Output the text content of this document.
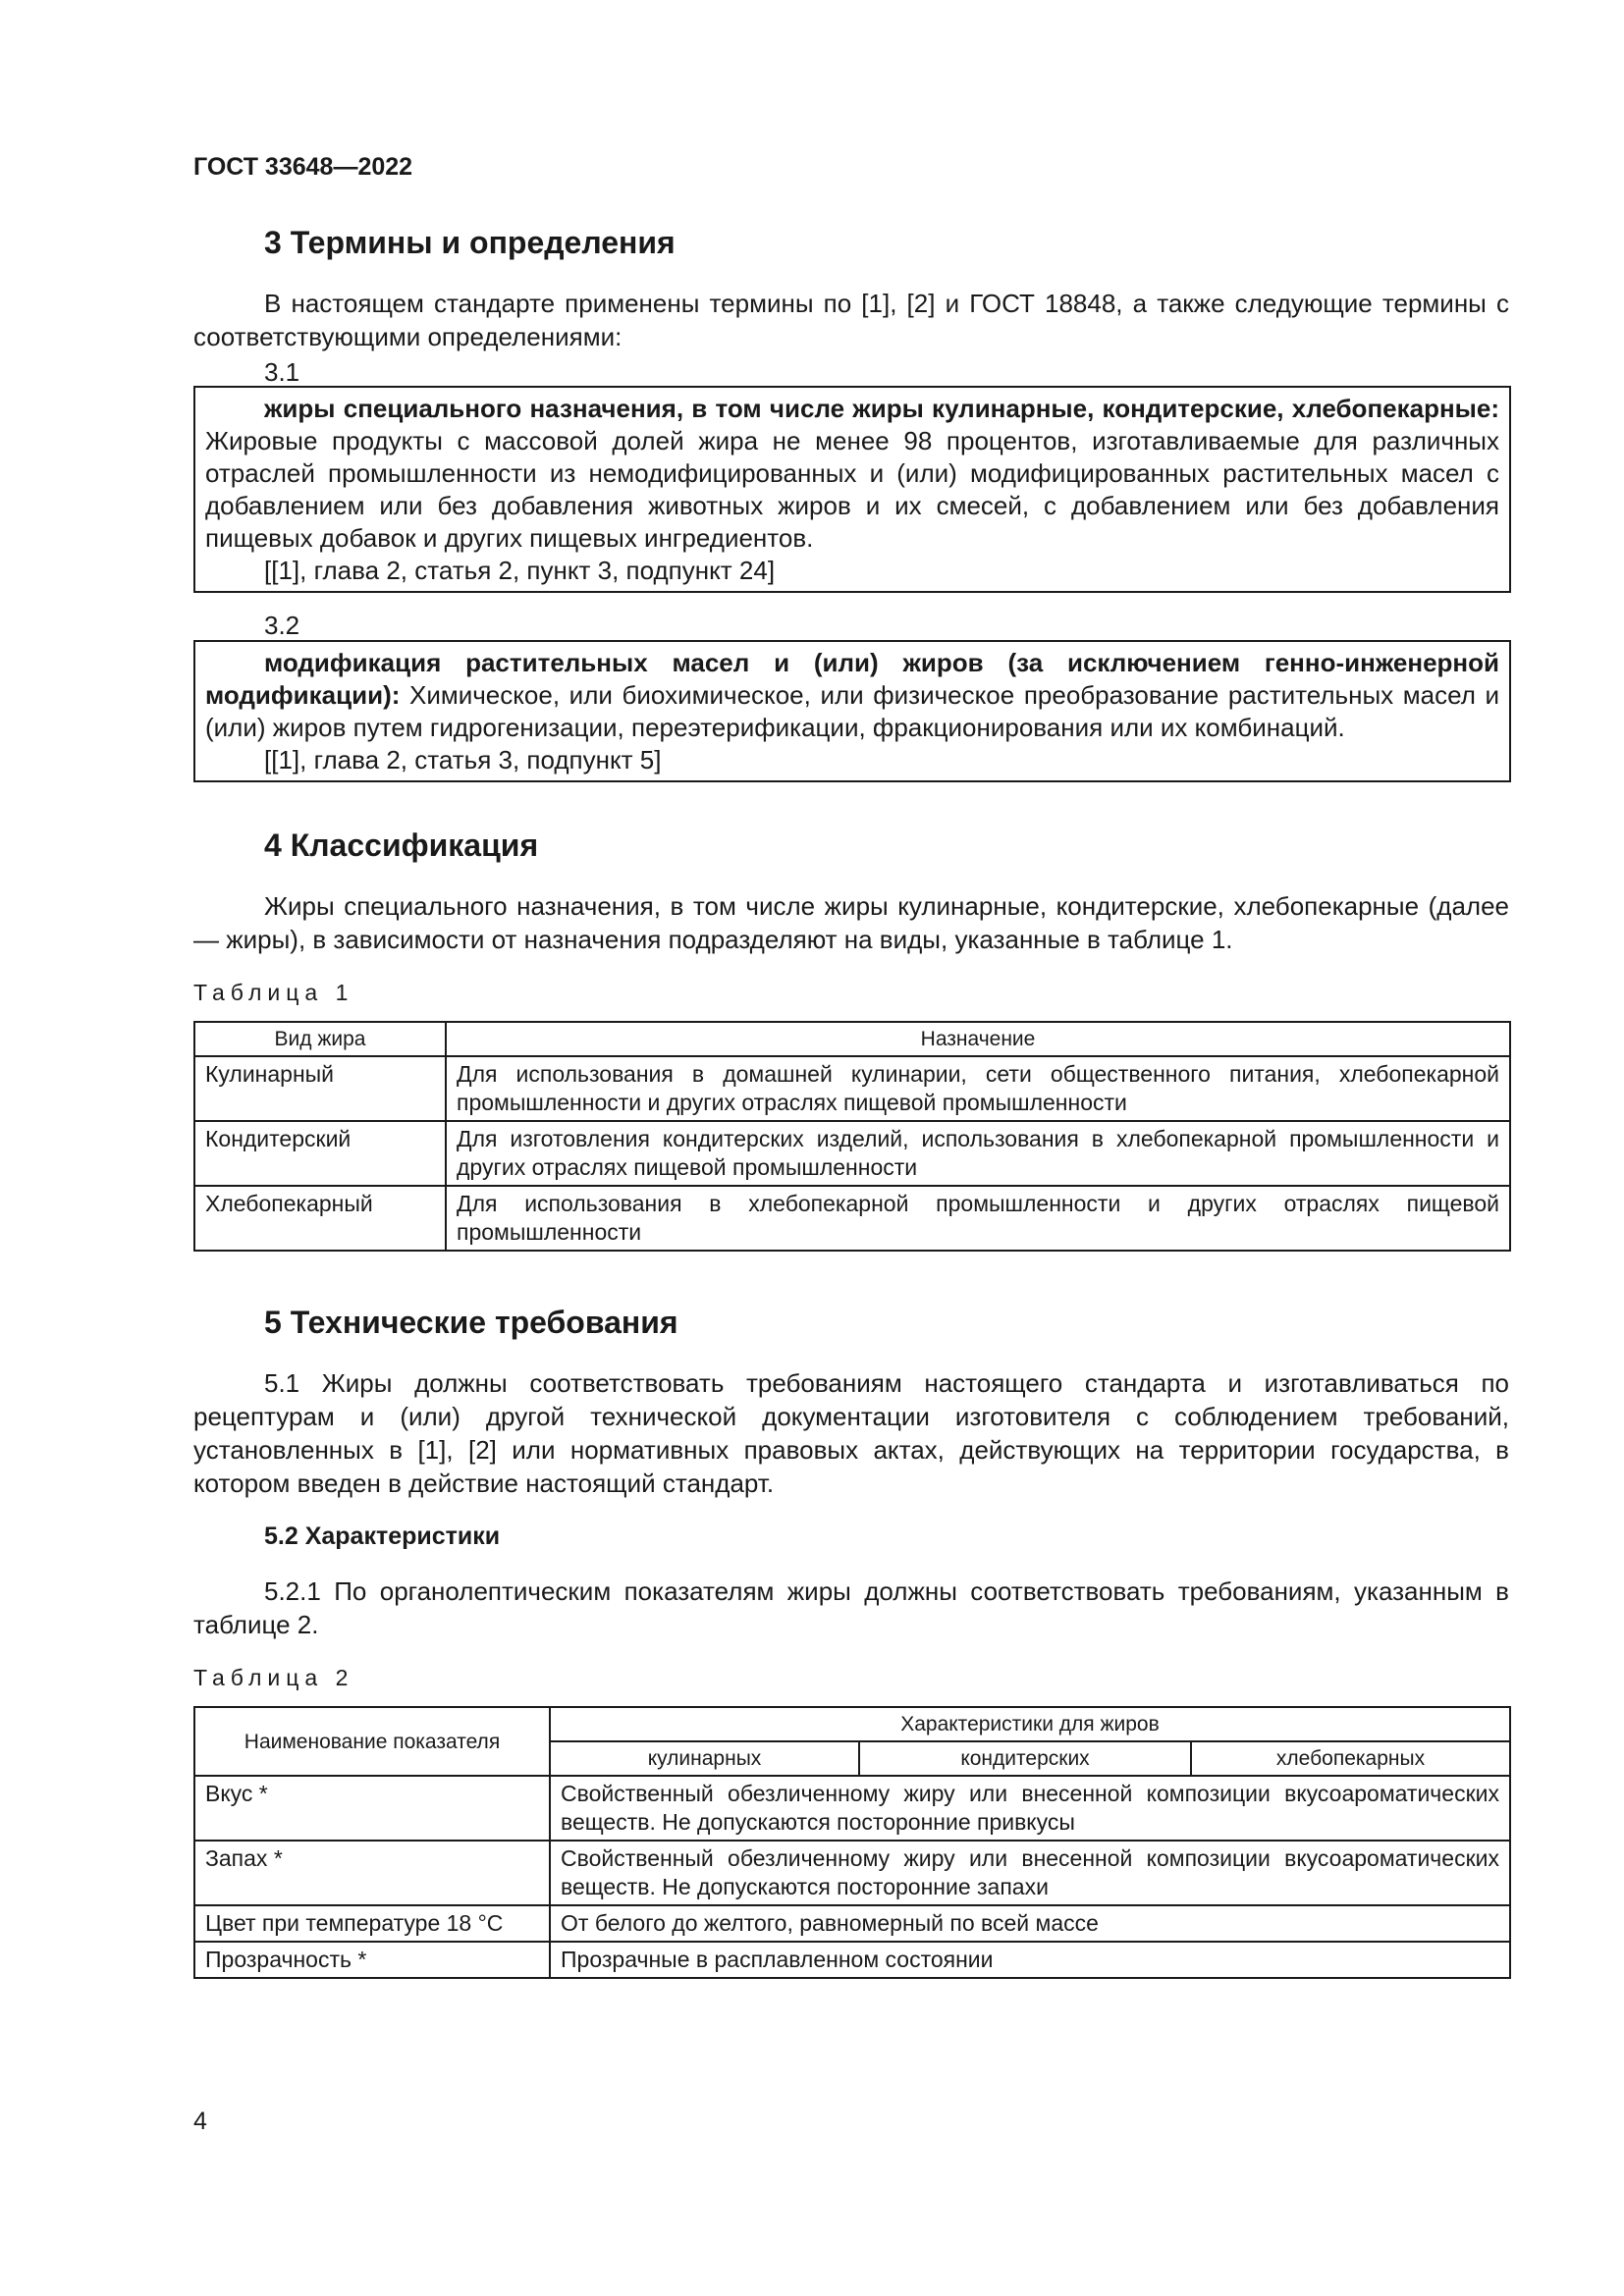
ГОСТ 33648—2022
3 Термины и определения
В настоящем стандарте применены термины по [1], [2] и ГОСТ 18848, а также следующие термины с соответствующими определениями:
3.1
жиры специального назначения, в том числе жиры кулинарные, кондитерские, хлебопекарные: Жировые продукты с массовой долей жира не менее 98 процентов, изготавливаемые для различных отраслей промышленности из немодифицированных и (или) модифицированных растительных масел с добавлением или без добавления животных жиров и их смесей, с добавлением или без добавления пищевых добавок и других пищевых ингредиентов.
[[1], глава 2, статья 2, пункт 3, подпункт 24]
3.2
модификация растительных масел и (или) жиров (за исключением генно-инженерной модификации): Химическое, или биохимическое, или физическое преобразование растительных масел и (или) жиров путем гидрогенизации, переэтерификации, фракционирования или их комбинаций.
[[1], глава 2, статья 3, подпункт 5]
4 Классификация
Жиры специального назначения, в том числе жиры кулинарные, кондитерские, хлебопекарные (далее — жиры), в зависимости от назначения подразделяют на виды, указанные в таблице 1.
Таблица 1
Вид жира	Назначение
Кулинарный	Для использования в домашней кулинарии, сети общественного питания, хлебопекарной промышленности и других отраслях пищевой промышленности
Кондитерский	Для изготовления кондитерских изделий, использования в хлебопекарной промышленности и других отраслях пищевой промышленности
Хлебопекарный	Для использования в хлебопекарной промышленности и других отраслях пищевой промышленности
5 Технические требования
5.1 Жиры должны соответствовать требованиям настоящего стандарта и изготавливаться по рецептурам и (или) другой технической документации изготовителя с соблюдением требований, установленных в [1], [2] или нормативных правовых актах, действующих на территории государства, в котором введен в действие настоящий стандарт.
5.2 Характеристики
5.2.1 По органолептическим показателям жиры должны соответствовать требованиям, указанным в таблице 2.
Таблица 2
Наименование показателя	Характеристики для жиров		
	кулинарных	кондитерских	хлебопекарных
Вкус *	Свойственный обезличенному жиру или внесенной композиции вкусоароматических веществ. Не допускаются посторонние привкусы		
Запах *	Свойственный обезличенному жиру или внесенной композиции вкусоароматических веществ. Не допускаются посторонние запахи		
Цвет при температуре 18 °С	От белого до желтого, равномерный по всей массе		
Прозрачность *	Прозрачные в расплавленном состоянии		
4
